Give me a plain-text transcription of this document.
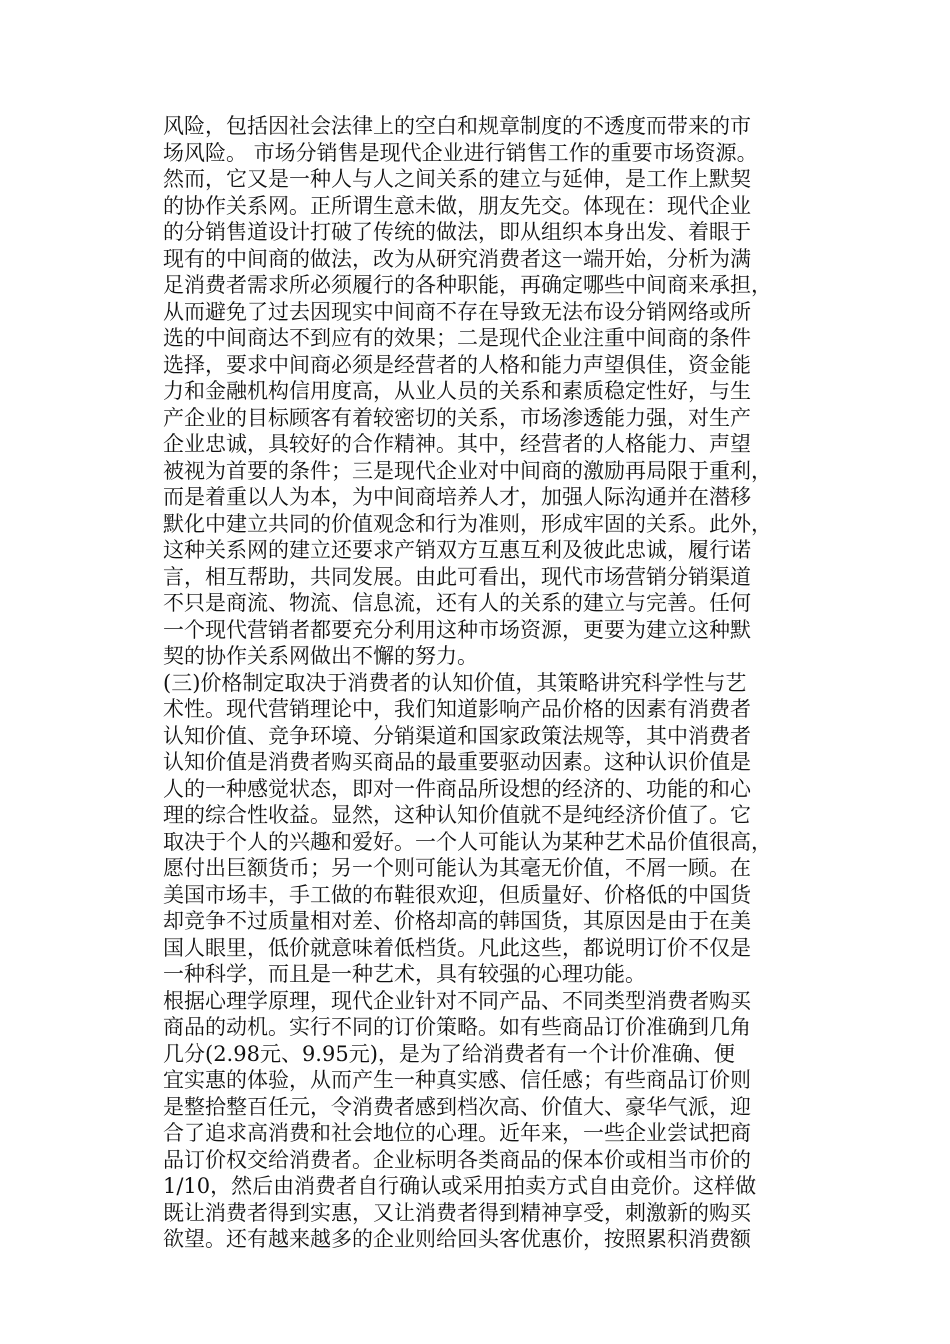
风险，包括因社会法律上的空白和规章制度的不透度而带来的市
场风险。 市场分销售是现代企业进行销售工作的重要市场资源。
然而，它又是一种人与人之间关系的建立与延伸，是工作上默契
的协作关系网。正所谓生意未做，朋友先交。体现在：现代企业
的分销售道设计打破了传统的做法，即从组织本身出发、着眼于
现有的中间商的做法，改为从研究消费者这一端开始，分析为满
足消费者需求所必须履行的各种职能，再确定哪些中间商来承担，
从而避免了过去因现实中间商不存在导致无法布设分销网络或所
选的中间商达不到应有的效果；二是现代企业注重中间商的条件
选择，要求中间商必须是经营者的人格和能力声望俱佳，资金能
力和金融机构信用度高，从业人员的关系和素质稳定性好，与生
产企业的目标顾客有着较密切的关系，市场渗透能力强，对生产
企业忠诚，具较好的合作精神。其中，经营者的人格能力、声望
被视为首要的条件；三是现代企业对中间商的激励再局限于重利，
而是着重以人为本，为中间商培养人才，加强人际沟通并在潜移
默化中建立共同的价值观念和行为准则，形成牢固的关系。此外，
这种关系网的建立还要求产销双方互惠互利及彼此忠诚，履行诺
言，相互帮助，共同发展。由此可看出，现代市场营销分销渠道
不只是商流、物流、信息流，还有人的关系的建立与完善。任何
一个现代营销者都要充分利用这种市场资源，更要为建立这种默
契的协作关系网做出不懈的努力。
(三)价格制定取决于消费者的认知价值，其策略讲究科学性与艺
术性。现代营销理论中，我们知道影响产品价格的因素有消费者
认知价值、竞争环境、分销渠道和国家政策法规等，其中消费者
认知价值是消费者购买商品的最重要驱动因素。这种认识价值是
人的一种感觉状态，即对一件商品所设想的经济的、功能的和心
理的综合性收益。显然，这种认知价值就不是纯经济价值了。它
取决于个人的兴趣和爱好。一个人可能认为某种艺术品价值很高，
愿付出巨额货币；另一个则可能认为其毫无价值，不屑一顾。在
美国市场丰，手工做的布鞋很欢迎，但质量好、价格低的中国货
却竞争不过质量相对差、价格却高的韩国货，其原因是由于在美
国人眼里，低价就意味着低档货。凡此这些，都说明订价不仅是
一种科学，而且是一种艺术，具有较强的心理功能。
根据心理学原理，现代企业针对不同产品、不同类型消费者购买
商品的动机。实行不同的订价策略。如有些商品订价准确到几角
几分(2.98元、9.95元)，是为了给消费者有一个计价准确、便
宜实惠的体验，从而产生一种真实感、信任感；有些商品订价则
是整拾整百任元，令消费者感到档次高、价值大、豪华气派，迎
合了追求高消费和社会地位的心理。近年来，一些企业尝试把商
品订价权交给消费者。企业标明各类商品的保本价或相当市价的
1/10，然后由消费者自行确认或采用拍卖方式自由竞价。这样做
既让消费者得到实惠，又让消费者得到精神享受，刺激新的购买
欲望。还有越来越多的企业则给回头客优惠价，按照累积消费额
